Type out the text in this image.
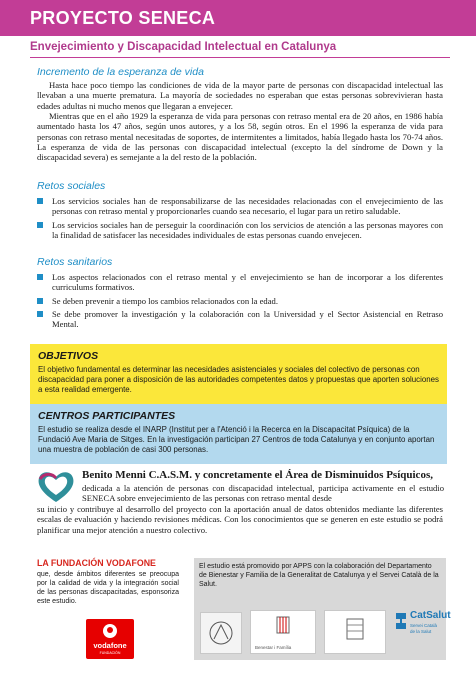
PROYECTO SENECA
Envejecimiento y Discapacidad Intelectual en Catalunya
Incremento de la esperanza de vida
Hasta hace poco tiempo las condiciones de vida de la mayor parte de personas con discapacidad intelectual las llevaban a una muerte prematura. La mayoría de sociedades no esperaban que estas personas sobrevivieran hasta edades adultas ni mucho menos que llegaran a envejecer.
Mientras que en el año 1929 la esperanza de vida para personas con retraso mental era de 20 años, en 1986 había aumentado hasta los 47 años, según unos autores, y a los 58, según otros. En el 1996 la esperanza de vida para personas con retraso mental necesitadas de soportes, de intermitentes a limitados, había llegado hasta los 70-74 años. La esperanza de vida de las personas con discapacidad intelectual (excepto la del síndrome de Down y la discapacidad severa) es semejante a la del resto de la población.
Retos sociales
Los servicios sociales han de responsabilizarse de las necesidades relacionadas con el envejecimiento de las personas con retraso mental y proporcionarles cuando sea necesario, el lugar para un retiro saludable.
Los servicios sociales han de perseguir la coordinación con los servicios de atención a las personas mayores con la finalidad de satisfacer las necesidades individuales de estas personas cuando envejecen.
Retos sanitarios
Los aspectos relacionados con el retraso mental y el envejecimiento se han de incorporar a los diferentes curriculums formativos.
Se deben prevenir a tiempo los cambios relacionados con la edad.
Se debe promover la investigación y la colaboración con la Universidad y el Sector Asistencial en Retraso Mental.
OBJETIVOS
El objetivo fundamental es determinar las necesidades asistenciales y sociales del colectivo de personas con discapacidad para poner a disposición de las autoridades competentes datos y propuestas que aporten soluciones a esta realidad emergente.
CENTROS PARTICIPANTES
El estudio se realiza desde el INARP (Institut per a l'Atenció i la Recerca en la Discapacitat Psíquica) de la Fundació Ave Maria de Sitges. En la investigación participan 27 Centros de toda Catalunya y en conjunto aportan una muestra de población de casi 300 personas.
Benito Menni C.A.S.M. y concretamente el Área de Disminuidos Psíquicos,
dedicada a la atención de personas con discapacidad intelectual, participa activamente en el estudio SENECA sobre envejecimiento de las personas con retraso mental desde
su inicio y contribuye al desarrollo del proyecto con la aportación anual de datos obtenidos mediante las diferentes escalas de evaluación y haciendo revisiones médicas. Con los conocimientos que se generen en este estudio se podrá planificar una mejor atención a nuestro colectivo.
LA FUNDACIÓN VODAFONE
que, desde ámbitos diferentes se preocupa por la calidad de vida y la integración social de las personas discapacitadas, esponsoriza este estudio.
vodafone
FUNDACIÓN
El estudio está promovido por APPS con la colaboración del Departamento de Bienestar y Familia de la Generalitat de Catalunya y el Servei Català de la Salut.
Benestar i Família
CatSalut
Servei Català de la Salut
